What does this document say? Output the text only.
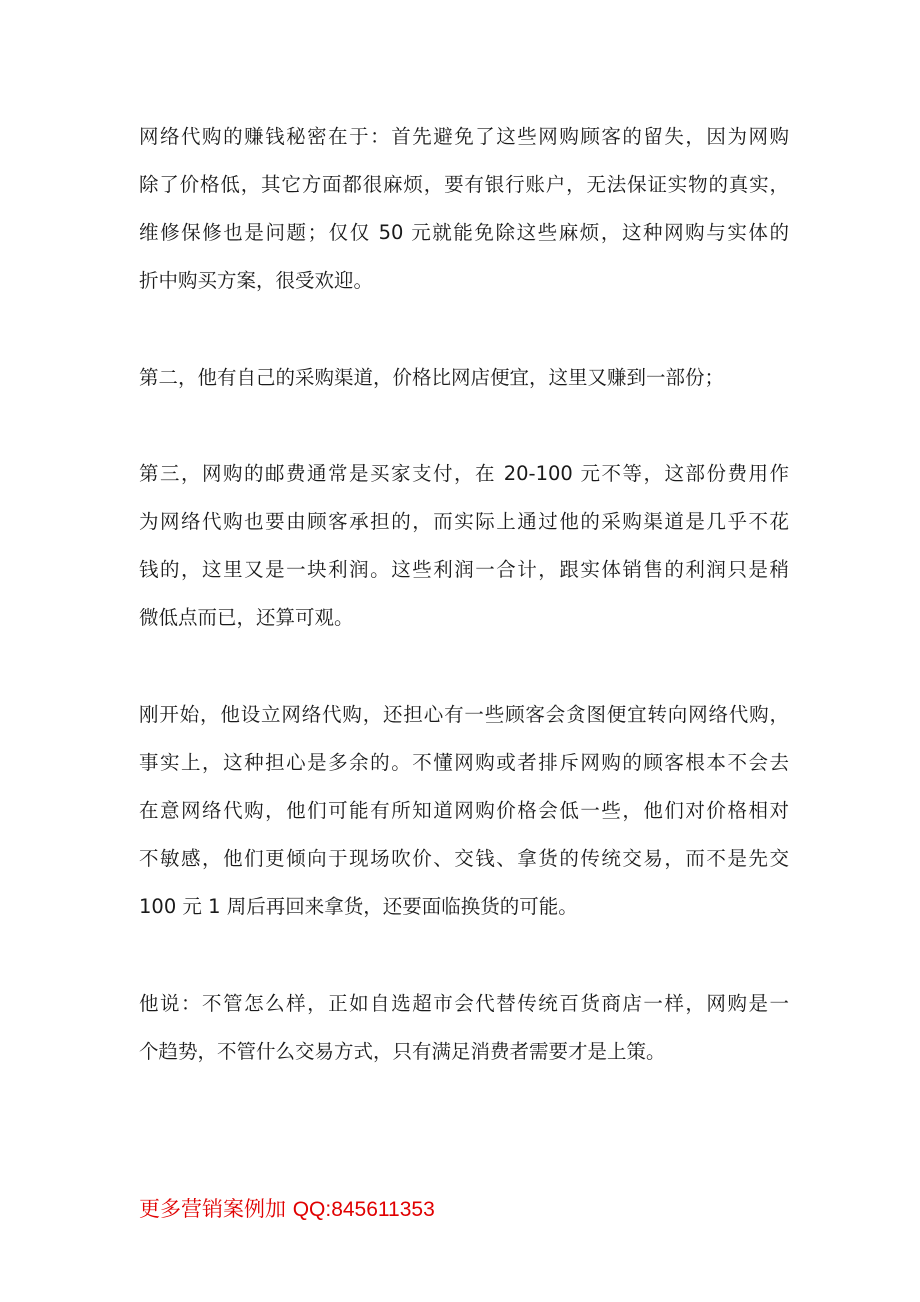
网络代购的赚钱秘密在于：首先避免了这些网购顾客的留失，因为网购
除了价格低，其它方面都很麻烦，要有银行账户，无法保证实物的真实，
维修保修也是问题；仅仅 50 元就能免除这些麻烦，这种网购与实体的
折中购买方案，很受欢迎。
第二，他有自己的采购渠道，价格比网店便宜，这里又赚到一部份；
第三，网购的邮费通常是买家支付，在 20-100 元不等，这部份费用作
为网络代购也要由顾客承担的，而实际上通过他的采购渠道是几乎不花
钱的，这里又是一块利润。这些利润一合计，跟实体销售的利润只是稍
微低点而已，还算可观。
刚开始，他设立网络代购，还担心有一些顾客会贪图便宜转向网络代购，
事实上，这种担心是多余的。不懂网购或者排斥网购的顾客根本不会去
在意网络代购，他们可能有所知道网购价格会低一些，他们对价格相对
不敏感，他们更倾向于现场吹价、交钱、拿货的传统交易，而不是先交
100 元 1 周后再回来拿货，还要面临换货的可能。
他说：不管怎么样，正如自选超市会代替传统百货商店一样，网购是一
个趋势，不管什么交易方式，只有满足消费者需要才是上策。
更多营销案例加 QQ:845611353
